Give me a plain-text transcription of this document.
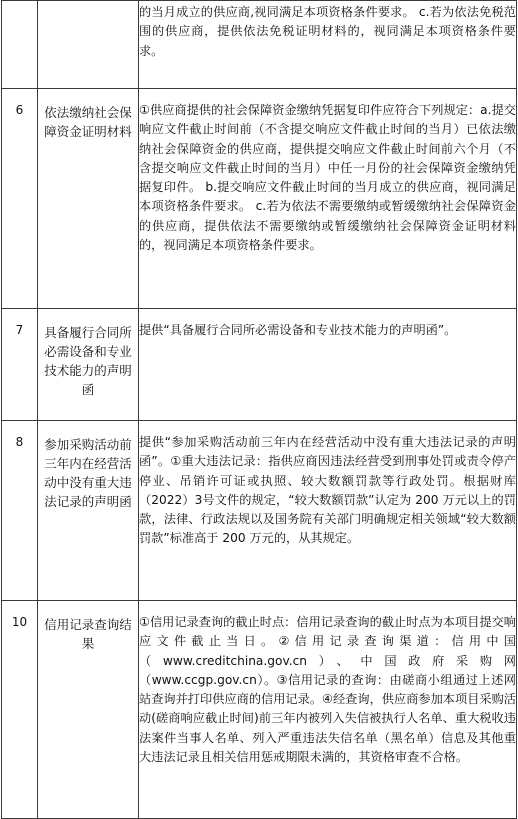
		的当月成立的供应商,视同满足本项资格条件要求。 c.若为依法免税范围的供应商，提供依法免税证明材料的，视同满足本项资格条件要求。

6	依法缴纳社会保障资金证明材料	①供应商提供的社会保障资金缴纳凭据复印件应符合下列规定：a.提交响应文件截止时间前（不含提交响应文件截止时间的当月）已依法缴纳社会保障资金的供应商，提供提交响应文件截止时间前六个月（不含提交响应文件截止时间的当月）中任一月份的社会保障资金缴纳凭据复印件。 b.提交响应文件截止时间的当月成立的供应商，视同满足本项资格条件要求。 c.若为依法不需要缴纳或暂缓缴纳社会保障资金的供应商，提供依法不需要缴纳或暂缓缴纳社会保障资金证明材料的，视同满足本项资格条件要求。

7	具备履行合同所必需设备和专业技术能力的声明函	提供“具备履行合同所必需设备和专业技术能力的声明函”。

8	参加采购活动前三年内在经营活动中没有重大违法记录的声明函	提供“参加采购活动前三年内在经营活动中没有重大违法记录的声明函”。①重大违法记录：指供应商因违法经营受到刑事处罚或责令停产停业、吊销许可证或执照、较大数额罚款等行政处罚。根据财库（2022）3号文件的规定，“较大数额罚款”认定为 200 万元以上的罚款，法律、行政法规以及国务院有关部门明确规定相关领域“较大数额罚款”标准高于 200 万元的，从其规定。

10	信用记录查询结果	①信用记录查询的截止时点：信用记录查询的截止时点为本项目提交响应文件截止当日。②信用记录查询渠道：信用中国（www.creditchina.gov.cn）、中国政府采购网（www.ccgp.gov.cn）。③信用记录的查询：由磋商小组通过上述网站查询并打印供应商的信用记录。④经查询，供应商参加本项目采购活动(磋商响应截止时间)前三年内被列入失信被执行人名单、重大税收违法案件当事人名单、列入严重违法失信名单（黑名单）信息及其他重大违法记录且相关信用惩戒期限未满的，其资格审查不合格。
